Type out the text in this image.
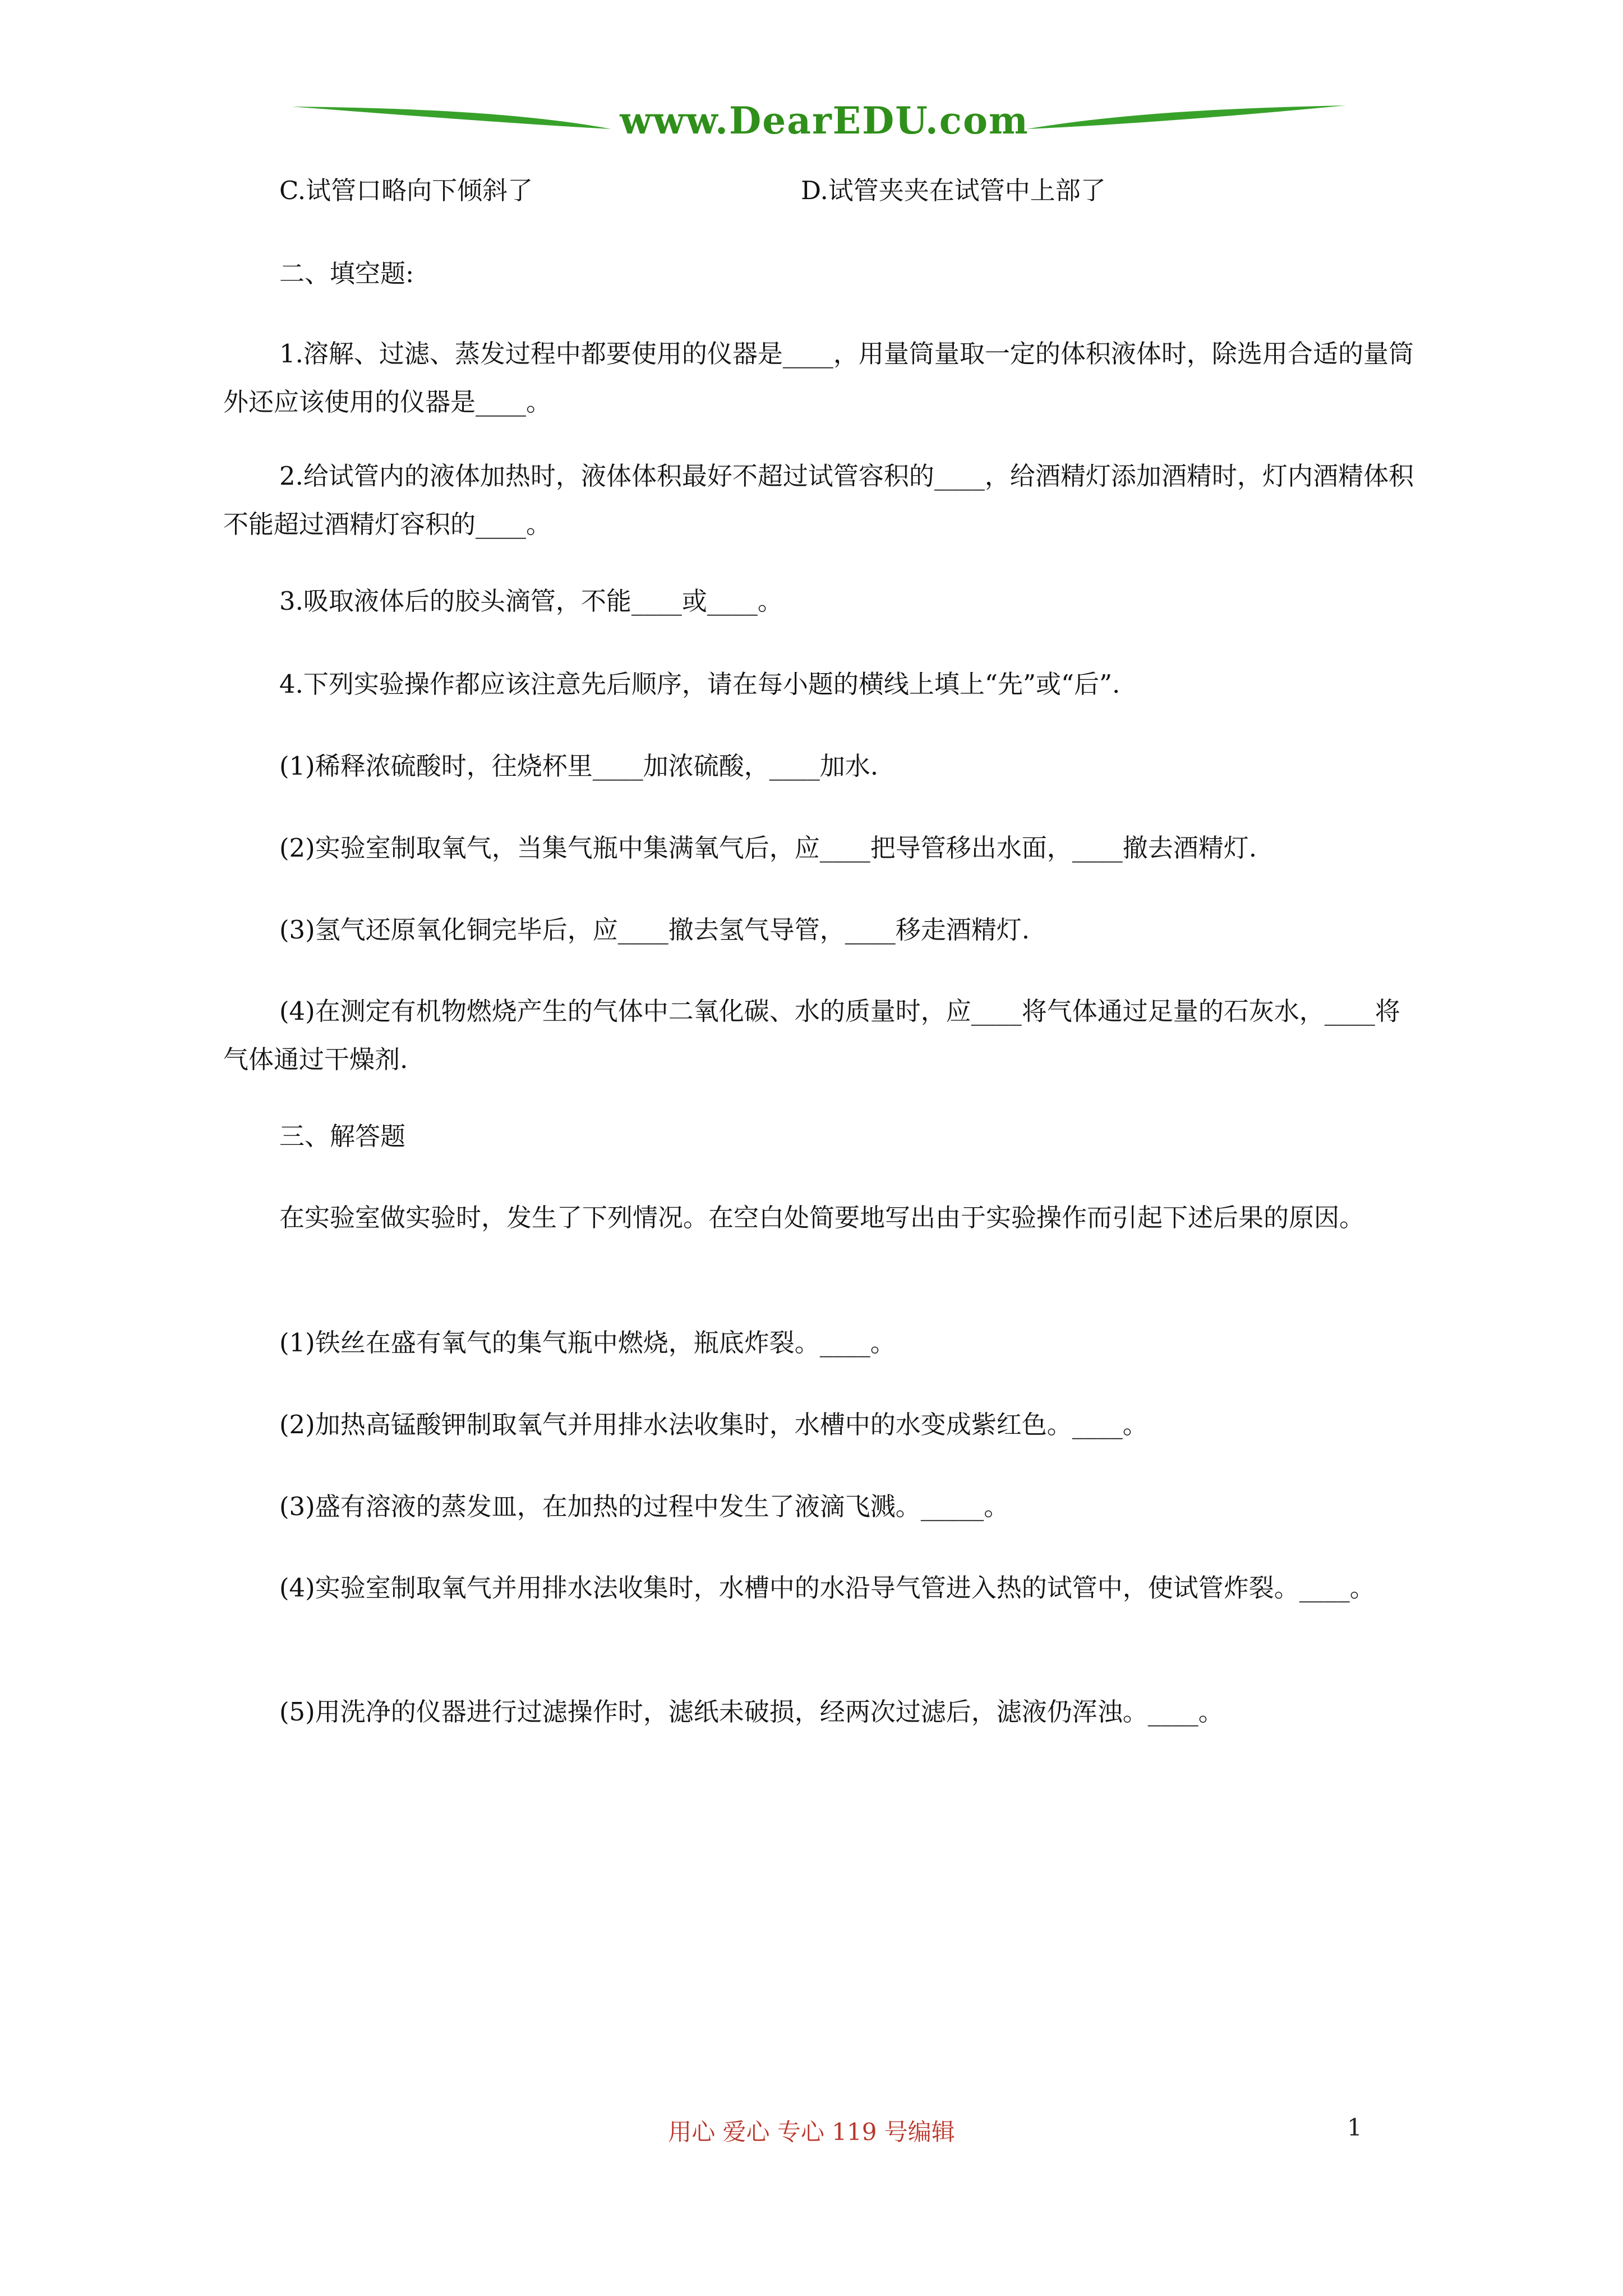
www.DearEDU.com
C.试管口略向下倾斜了	D.试管夹夹在试管中上部了
二、填空题:
1.溶解、过滤、蒸发过程中都要使用的仪器是____，用量筒量取一定的体积液体时，除选用合适的量筒外还应该使用的仪器是____。
2.给试管内的液体加热时，液体体积最好不超过试管容积的____，给酒精灯添加酒精时，灯内酒精体积不能超过酒精灯容积的____。
3.吸取液体后的胶头滴管，不能____或____。
4.下列实验操作都应该注意先后顺序，请在每小题的横线上填上“先”或“后”.
(1)稀释浓硫酸时，往烧杯里____加浓硫酸，____加水.
(2)实验室制取氧气，当集气瓶中集满氧气后，应____把导管移出水面，____撤去酒精灯.
(3)氢气还原氧化铜完毕后，应____撤去氢气导管，____移走酒精灯.
(4)在测定有机物燃烧产生的气体中二氧化碳、水的质量时，应____将气体通过足量的石灰水，____将气体通过干燥剂.
三、解答题
在实验室做实验时，发生了下列情况。在空白处简要地写出由于实验操作而引起下述后果的原因。
(1)铁丝在盛有氧气的集气瓶中燃烧，瓶底炸裂。____。
(2)加热高锰酸钾制取氧气并用排水法收集时，水槽中的水变成紫红色。____。
(3)盛有溶液的蒸发皿，在加热的过程中发生了液滴飞溅。_____。
(4)实验室制取氧气并用排水法收集时，水槽中的水沿导气管进入热的试管中，使试管炸裂。____。
(5)用洗净的仪器进行过滤操作时，滤纸未破损，经两次过滤后，滤液仍浑浊。____。
用心 爱心 专心 119 号编辑	1
